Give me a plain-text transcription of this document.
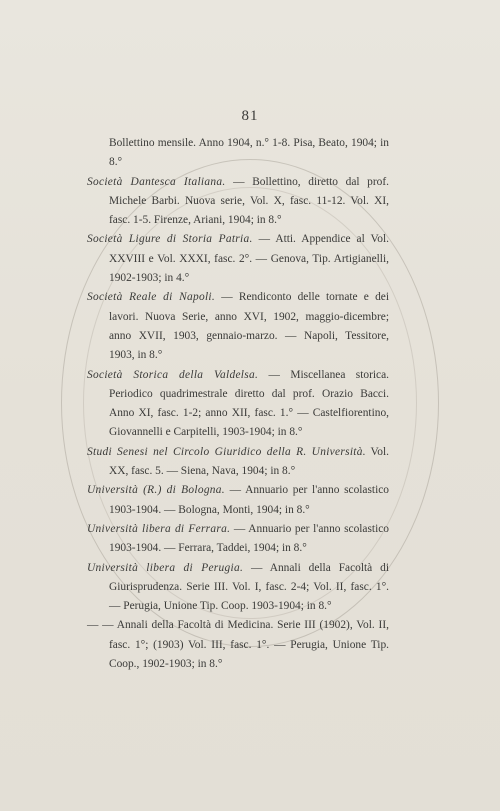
81

Bollettino mensile. Anno 1904, n.° 1-8. Pisa, Beato, 1904; in 8.°

Società Dantesca Italiana. — Bollettino, diretto dal prof. Michele Barbi. Nuova serie, Vol. X, fasc. 11-12. Vol. XI, fasc. 1-5. Firenze, Ariani, 1904; in 8.°

Società Ligure di Storia Patria. — Atti. Appendice al Vol. XXVIII e Vol. XXXI, fasc. 2°. — Genova, Tip. Artigianelli, 1902-1903; in 4.°

Società Reale di Napoli. — Rendiconto delle tornate e dei lavori. Nuova Serie, anno XVI, 1902, maggio-dicembre; anno XVII, 1903, gennaio-marzo. — Napoli, Tessitore, 1903, in 8.°

Società Storica della Valdelsa. — Miscellanea storica. Periodico quadrimestrale diretto dal prof. Orazio Bacci. Anno XI, fasc. 1-2; anno XII, fasc. 1.° — Castelfiorentino, Giovannelli e Carpitelli, 1903-1904; in 8.°

Studi Senesi nel Circolo Giuridico della R. Università. Vol. XX, fasc. 5. — Siena, Nava, 1904; in 8.°

Università (R.) di Bologna. — Annuario per l'anno scolastico 1903-1904. — Bologna, Monti, 1904; in 8.°

Università libera di Ferrara. — Annuario per l'anno scolastico 1903-1904. — Ferrara, Taddei, 1904; in 8.°

Università libera di Perugia. — Annali della Facoltà di Giurisprudenza. Serie III. Vol. I, fasc. 2-4; Vol. II, fasc. 1°. — Perugia, Unione Tip. Coop. 1903-1904; in 8.°

— — Annali della Facoltà di Medicina. Serie III (1902), Vol. II, fasc. 1°; (1903) Vol. III, fasc. 1°. — Perugia, Unione Tip. Coop., 1902-1903; in 8.°
